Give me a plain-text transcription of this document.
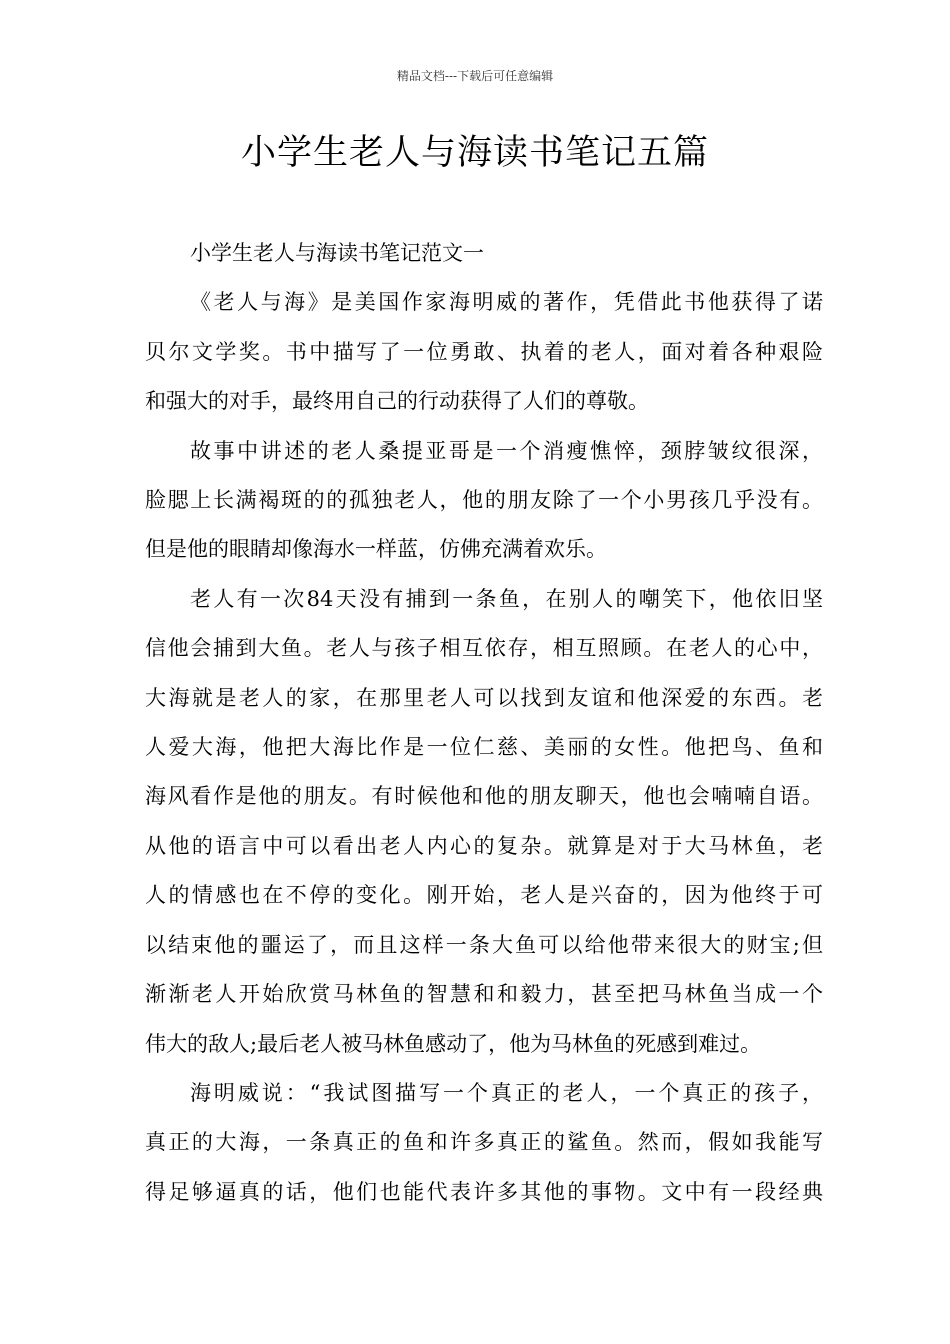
精品文档---下载后可任意编辑
小学生老人与海读书笔记五篇
小学生老人与海读书笔记范文一
《老人与海》是美国作家海明威的著作，凭借此书他获得了诺
贝尔文学奖。书中描写了一位勇敢、执着的老人，面对着各种艰险
和强大的对手，最终用自己的行动获得了人们的尊敬。
故事中讲述的老人桑提亚哥是一个消瘦憔悴，颈脖皱纹很深，
脸腮上长满褐斑的的孤独老人，他的朋友除了一个小男孩几乎没有。
但是他的眼睛却像海水一样蓝，仿佛充满着欢乐。
老人有一次84天没有捕到一条鱼，在别人的嘲笑下，他依旧坚
信他会捕到大鱼。老人与孩子相互依存，相互照顾。在老人的心中，
大海就是老人的家，在那里老人可以找到友谊和他深爱的东西。老
人爱大海，他把大海比作是一位仁慈、美丽的女性。他把鸟、鱼和
海风看作是他的朋友。有时候他和他的朋友聊天，他也会喃喃自语。
从他的语言中可以看出老人内心的复杂。就算是对于大马林鱼，老
人的情感也在不停的变化。刚开始，老人是兴奋的，因为他终于可
以结束他的噩运了，而且这样一条大鱼可以给他带来很大的财宝;但
渐渐老人开始欣赏马林鱼的智慧和和毅力，甚至把马林鱼当成一个
伟大的敌人;最后老人被马林鱼感动了，他为马林鱼的死感到难过。
海明威说：“我试图描写一个真正的老人，一个真正的孩子，
真正的大海，一条真正的鱼和许多真正的鲨鱼。然而，假如我能写
得足够逼真的话，他们也能代表许多其他的事物。文中有一段经典
